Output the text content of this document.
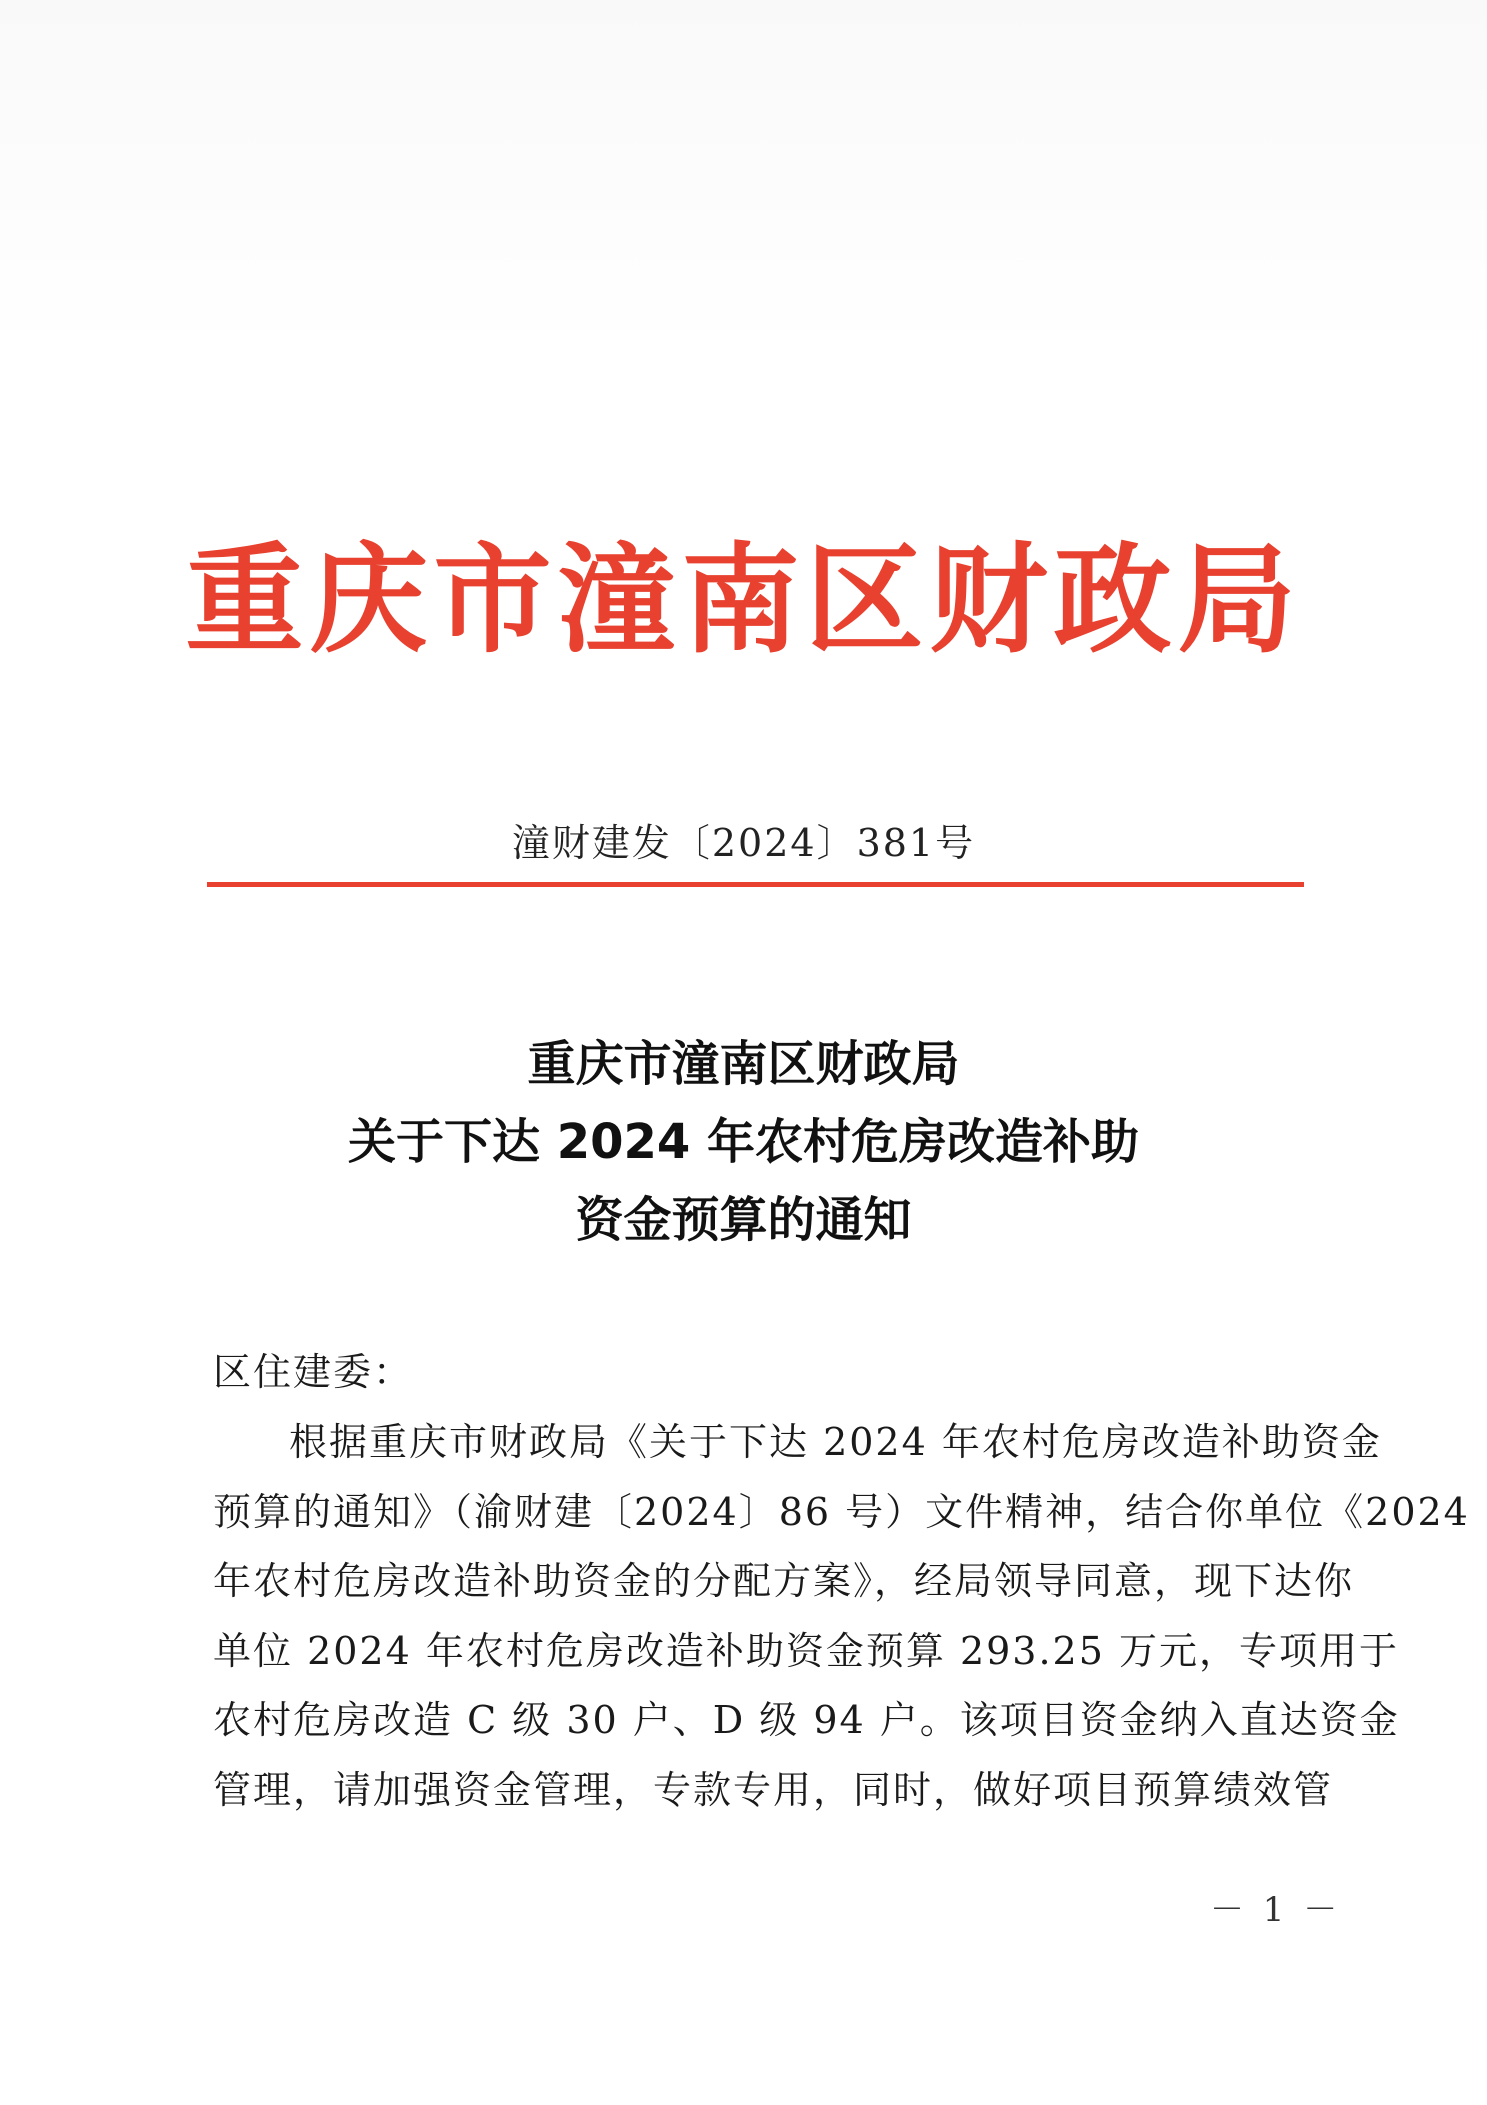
重庆市潼南区财政局
潼财建发〔2024〕381号
重庆市潼南区财政局
关于下达 2024 年农村危房改造补助
资金预算的通知
区住建委：
根据重庆市财政局《关于下达 2024 年农村危房改造补助资金
预算的通知》（渝财建〔2024〕86 号）文件精神，结合你单位《2024
年农村危房改造补助资金的分配方案》，经局领导同意，现下达你
单位 2024 年农村危房改造补助资金预算 293.25 万元，专项用于
农村危房改造 C 级 30 户、D 级 94 户。该项目资金纳入直达资金
管理，请加强资金管理，专款专用，同时，做好项目预算绩效管
－ 1 －
